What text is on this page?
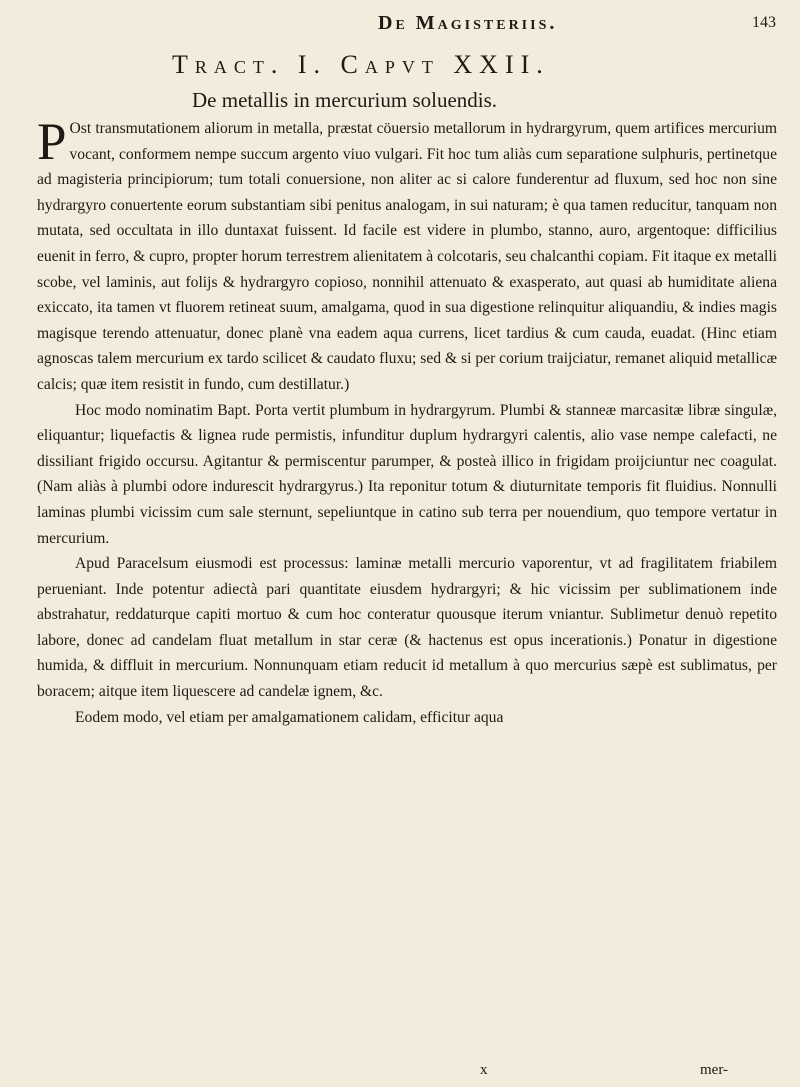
De Magisteriis.	143
Tract. I. Capvt XXII.
De metallis in mercurium soluendis.

P Ost transmutationem aliorum in metalla, præstat cöuersio metallorum in hydrargyrum, quem artifices mercurium vocant, conformem nempe succum argento viuo vulgari. Fit hoc tum aliàs cum separatione sulphuris, pertinetque ad magisteria principiorum; tum totali conuersione, non aliter ac si calore funderentur ad fluxum, sed hoc non sine hydrargyro conuertente eorum substantiam sibi penitus analogam, in sui naturam; è qua tamen reducitur, tanquam non mutata, sed occultata in illo duntaxat fuissent. Id facile est videre in plumbo, stanno, auro, argentoque: difficilius euenit in ferro, & cupro, propter horum terrestrem alienitatem à colcotaris, seu chalcanthi copiam. Fit itaque ex metalli scobe, vel laminis, aut folijs & hydrargyro copioso, nonnihil attenuato & exasperato, aut quasi ab humiditate aliena exiccato, ita tamen vt fluorem retineat suum, amalgama, quod in sua digestione relinquitur aliquandiu, & indies magis magisque terendo attenuatur, donec planè vna eadem aqua currens, licet tardius & cum cauda, euadat. (Hinc etiam agnoscas talem mercurium ex tardo scilicet & caudato fluxu; sed & si per corium traijciatur, remanet aliquid metallicæ calcis; quæ item resistit in fundo, cum destillatur.)

Hoc modo nominatim Bapt. Porta vertit plumbum in hydrargyrum. Plumbi & stanneæ marcasitæ libræ singulæ, eliquantur; liquefactis & lignea rude permistis, infunditur duplum hydrargyri calentis, alio vase nempe calefacti, ne dissiliant frigido occursu. Agitantur & permiscentur parumper, & posteà illico in frigidam proijciuntur nec coagulat. (Nam aliàs à plumbi odore indurescit hydrargyrus.) Ita reponitur totum & diuturnitate temporis fit fluidius. Nonnulli laminas plumbi vicissim cum sale sternunt, sepeliuntque in catino sub terra per nouendium, quo tempore vertatur in mercurium.

Apud Paracelsum eiusmodi est processus: laminæ metalli mercurio vaporentur, vt ad fragilitatem friabilem perueniant. Inde potentur adiectà pari quantitate eiusdem hydrargyri; & hic vicissim per sublimationem inde abstrahatur, reddaturque capiti mortuo & cum hoc conteratur quousque iterum vniantur. Sublimetur denuò repetito labore, donec ad candelam fluat metallum in star ceræ (& hactenus est opus incerationis.) Ponatur in digestione humida, & diffluit in mercurium. Nonnunquam etiam reducit id metallum à quo mercurius sæpè est sublimatus, per boracem; aitque item liquescere ad candelæ ignem, &c.

Eodem modo, vel etiam per amalgamationem calidam, efficitur aqua

x	mer-
